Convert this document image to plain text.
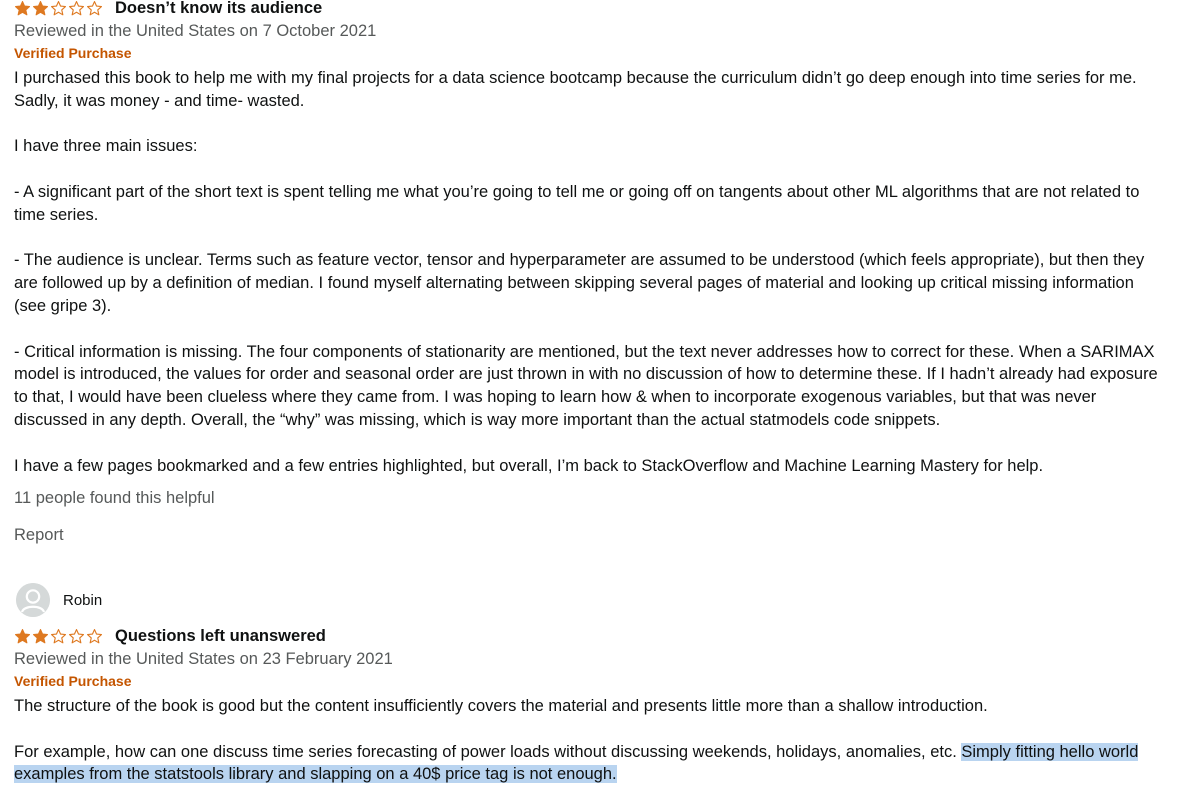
Doesn’t know its audience
Reviewed in the United States on 7 October 2021
Verified Purchase

I purchased this book to help me with my final projects for a data science bootcamp because the curriculum didn’t go deep enough into time series for me. Sadly, it was money - and time- wasted.

I have three main issues:

- A significant part of the short text is spent telling me what you’re going to tell me or going off on tangents about other ML algorithms that are not related to time series.

- The audience is unclear. Terms such as feature vector, tensor and hyperparameter are assumed to be understood (which feels appropriate), but then they are followed up by a definition of median. I found myself alternating between skipping several pages of material and looking up critical missing information (see gripe 3).

- Critical information is missing. The four components of stationarity are mentioned, but the text never addresses how to correct for these. When a SARIMAX model is introduced, the values for order and seasonal order are just thrown in with no discussion of how to determine these. If I hadn’t already had exposure to that, I would have been clueless where they came from. I was hoping to learn how & when to incorporate exogenous variables, but that was never discussed in any depth. Overall, the “why” was missing, which is way more important than the actual statmodels code snippets.

I have a few pages bookmarked and a few entries highlighted, but overall, I’m back to StackOverflow and Machine Learning Mastery for help.

11 people found this helpful
Report
Robin
Questions left unanswered
Reviewed in the United States on 23 February 2021
Verified Purchase

The structure of the book is good but the content insufficiently covers the material and presents little more than a shallow introduction.

For example, how can one discuss time series forecasting of power loads without discussing weekends, holidays, anomalies, etc. Simply fitting hello world examples from the statstools library and slapping on a 40$ price tag is not enough.
